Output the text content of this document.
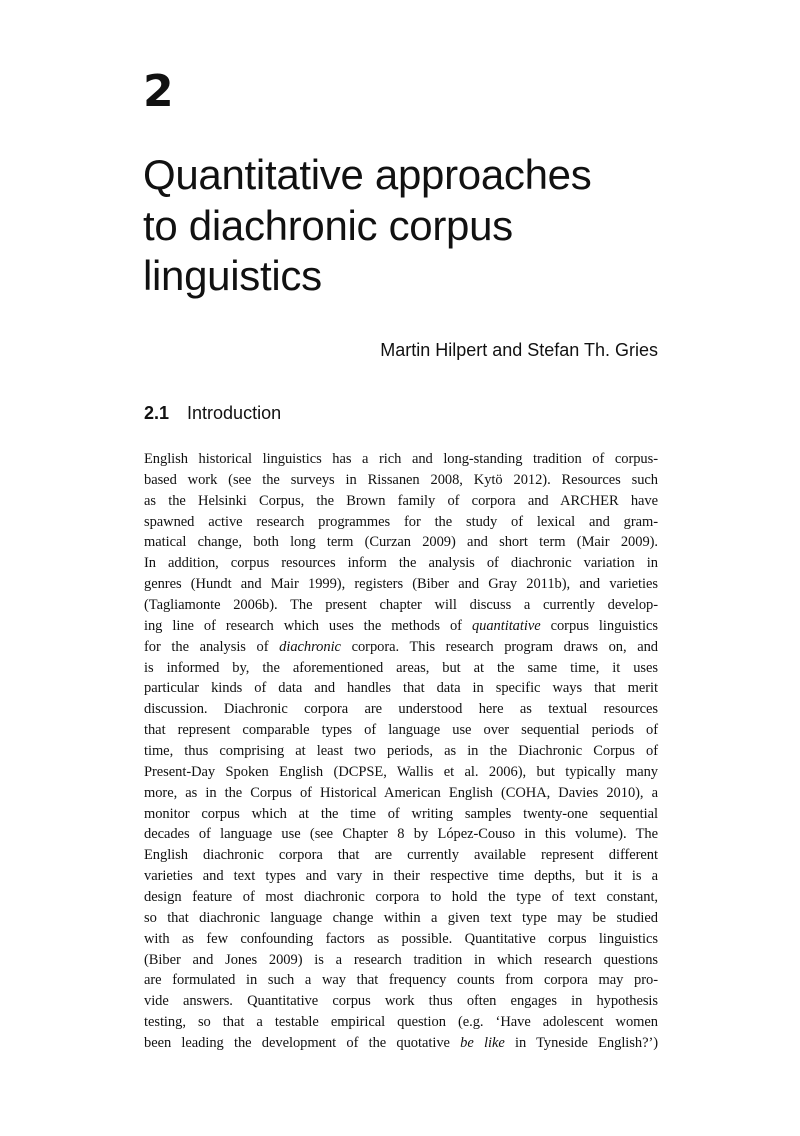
2
Quantitative approaches
to diachronic corpus
linguistics
Martin Hilpert and Stefan Th. Gries
2.1 Introduction
English historical linguistics has a rich and long-standing tradition of corpus-
based work (see the surveys in Rissanen 2008, Kytö 2012). Resources such
as the Helsinki Corpus, the Brown family of corpora and ARCHER have
spawned active research programmes for the study of lexical and gram-
matical change, both long term (Curzan 2009) and short term (Mair 2009).
In addition, corpus resources inform the analysis of diachronic variation in
genres (Hundt and Mair 1999), registers (Biber and Gray 2011b), and varieties
(Tagliamonte 2006b). The present chapter will discuss a currently develop-
ing line of research which uses the methods of quantitative corpus linguistics
for the analysis of diachronic corpora. This research program draws on, and
is informed by, the aforementioned areas, but at the same time, it uses
particular kinds of data and handles that data in specific ways that merit
discussion. Diachronic corpora are understood here as textual resources
that represent comparable types of language use over sequential periods of
time, thus comprising at least two periods, as in the Diachronic Corpus of
Present-Day Spoken English (DCPSE, Wallis et al. 2006), but typically many
more, as in the Corpus of Historical American English (COHA, Davies 2010), a
monitor corpus which at the time of writing samples twenty-one sequential
decades of language use (see Chapter 8 by López-Couso in this volume). The
English diachronic corpora that are currently available represent different
varieties and text types and vary in their respective time depths, but it is a
design feature of most diachronic corpora to hold the type of text constant,
so that diachronic language change within a given text type may be studied
with as few confounding factors as possible. Quantitative corpus linguistics
(Biber and Jones 2009) is a research tradition in which research questions
are formulated in such a way that frequency counts from corpora may pro-
vide answers. Quantitative corpus work thus often engages in hypothesis
testing, so that a testable empirical question (e.g. ‘Have adolescent women
been leading the development of the quotative be like in Tyneside English?’)
